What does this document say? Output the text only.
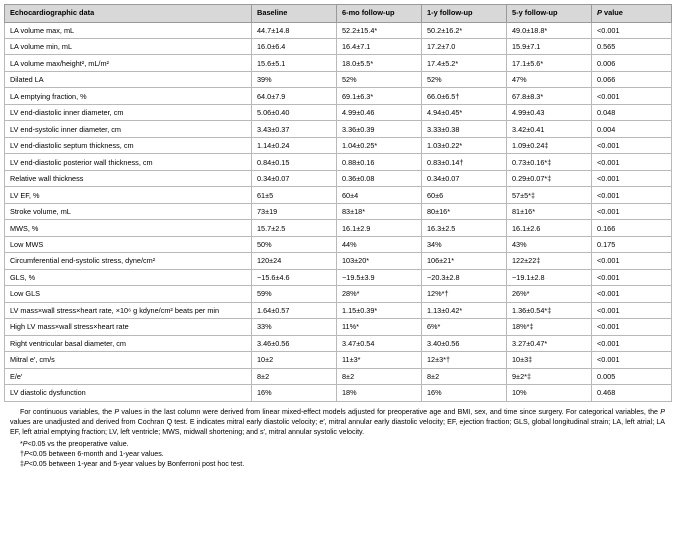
Echocardiographic data	Baseline	6-mo follow-up	1-y follow-up	5-y follow-up	P value
LA volume max, mL	44.7±14.8	52.2±15.4*	50.2±16.2*	49.0±18.8*	<0.001
LA volume min, mL	16.0±6.4	16.4±7.1	17.2±7.0	15.9±7.1	0.565
LA volume max/height², mL/m²	15.6±5.1	18.0±5.5*	17.4±5.2*	17.1±5.6*	0.006
Dilated LA	39%	52%	52%	47%	0.066
LA emptying fraction, %	64.0±7.9	69.1±6.3*	66.0±6.5†	67.8±8.3*	<0.001
LV end-diastolic inner diameter, cm	5.06±0.40	4.99±0.46	4.94±0.45*	4.99±0.43	0.048
LV end-systolic inner diameter, cm	3.43±0.37	3.36±0.39	3.33±0.38	3.42±0.41	0.004
LV end-diastolic septum thickness, cm	1.14±0.24	1.04±0.25*	1.03±0.22*	1.09±0.24‡	<0.001
LV end-diastolic posterior wall thickness, cm	0.84±0.15	0.88±0.16	0.83±0.14†	0.73±0.16*‡	<0.001
Relative wall thickness	0.34±0.07	0.36±0.08	0.34±0.07	0.29±0.07*‡	<0.001
LV EF, %	61±5	60±4	60±6	57±5*‡	<0.001
Stroke volume, mL	73±19	83±18*	80±16*	81±16*	<0.001
MWS, %	15.7±2.5	16.1±2.9	16.3±2.5	16.1±2.6	0.166
Low MWS	50%	44%	34%	43%	0.175
Circumferential end-systolic stress, dyne/cm²	120±24	103±20*	106±21*	122±22‡	<0.001
GLS, %	−15.6±4.6	−19.5±3.9	−20.3±2.8	−19.1±2.8	<0.001
Low GLS	59%	28%*	12%*†	26%*	<0.001
LV mass×wall stress×heart rate, ×10⁶ g kdyne/cm² beats per min	1.64±0.57	1.15±0.39*	1.13±0.42*	1.36±0.54*‡	<0.001
High LV mass×wall stress×heart rate	33%	11%*	6%*	18%*‡	<0.001
Right ventricular basal diameter, cm	3.46±0.56	3.47±0.54	3.40±0.56	3.27±0.47*	<0.001
Mitral e′, cm/s	10±2	11±3*	12±3*†	10±3‡	<0.001
E/e′	8±2	8±2	8±2	9±2*‡	0.005
LV diastolic dysfunction	16%	18%	16%	10%	0.468

For continuous variables, the P values in the last column were derived from linear mixed-effect models adjusted for preoperative age and BMI, sex, and time since surgery. For categorical variables, the P values are unadjusted and derived from Cochran Q test. E indicates mitral early diastolic velocity; e′, mitral annular early diastolic velocity; EF, ejection fraction; GLS, global longitudinal strain; LA, left atrial; LA EF, left atrial emptying fraction; LV, left ventricle; MWS, midwall shortening; and s′, mitral annular systolic velocity.

*P<0.05 vs the preoperative value.

†P<0.05 between 6-month and 1-year values.

‡P<0.05 between 1-year and 5-year values by Bonferroni post hoc test.
